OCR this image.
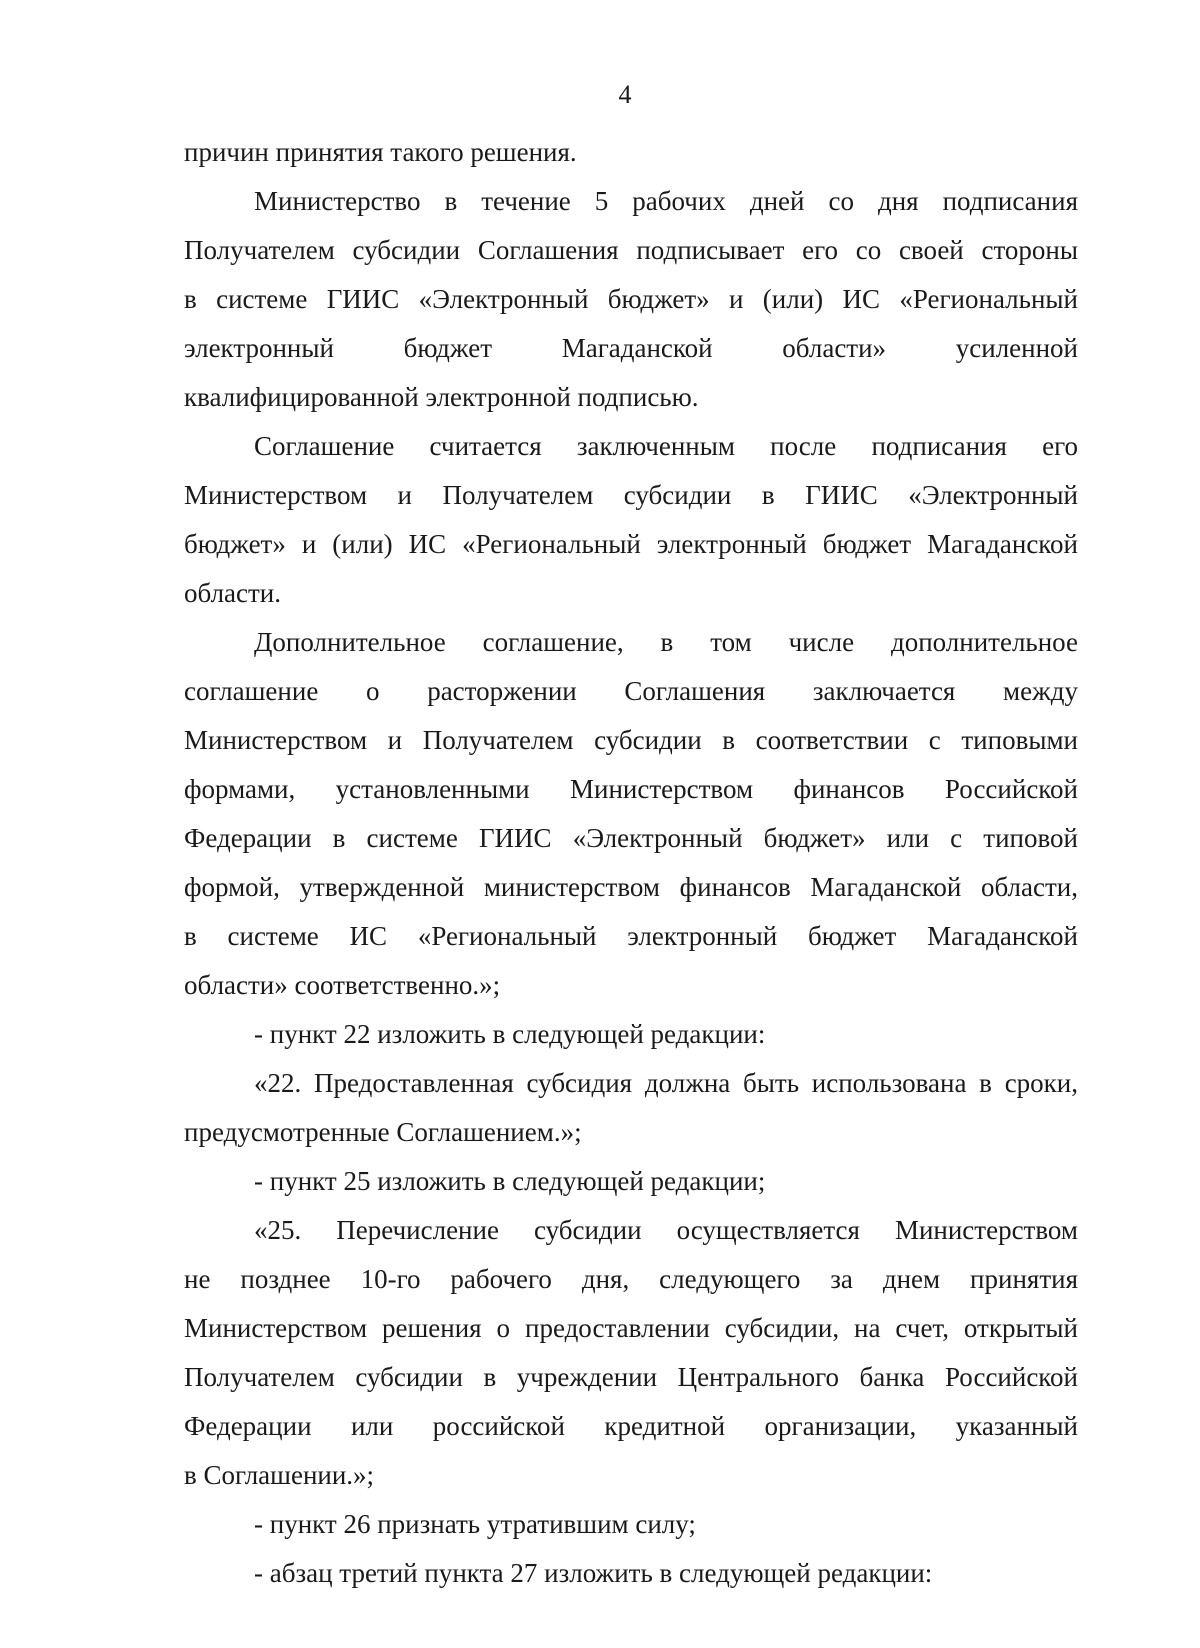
4
причин принятия такого решения.
Министерство в течение 5 рабочих дней со дня подписания
Получателем субсидии Соглашения подписывает его со своей стороны
в системе ГИИС «Электронный бюджет» и (или) ИС «Региональный
электронный бюджет Магаданской области» усиленной
квалифицированной электронной подписью.
Соглашение считается заключенным после подписания его
Министерством и Получателем субсидии в ГИИС «Электронный
бюджет» и (или) ИС «Региональный электронный бюджет Магаданской
области.
Дополнительное соглашение, в том числе дополнительное
соглашение о расторжении Соглашения заключается между
Министерством и Получателем субсидии в соответствии с типовыми
формами, установленными Министерством финансов Российской
Федерации в системе ГИИС «Электронный бюджет» или с типовой
формой, утвержденной министерством финансов Магаданской области,
в системе ИС «Региональный электронный бюджет Магаданской
области» соответственно.»;
- пункт 22 изложить в следующей редакции:
«22. Предоставленная субсидия должна быть использована в сроки,
предусмотренные Соглашением.»;
- пункт 25 изложить в следующей редакции;
«25. Перечисление субсидии осуществляется Министерством
не позднее 10-го рабочего дня, следующего за днем принятия
Министерством решения о предоставлении субсидии, на счет, открытый
Получателем субсидии в учреждении Центрального банка Российской
Федерации или российской кредитной организации, указанный
в Соглашении.»;
- пункт 26 признать утратившим силу;
- абзац третий пункта 27 изложить в следующей редакции:
